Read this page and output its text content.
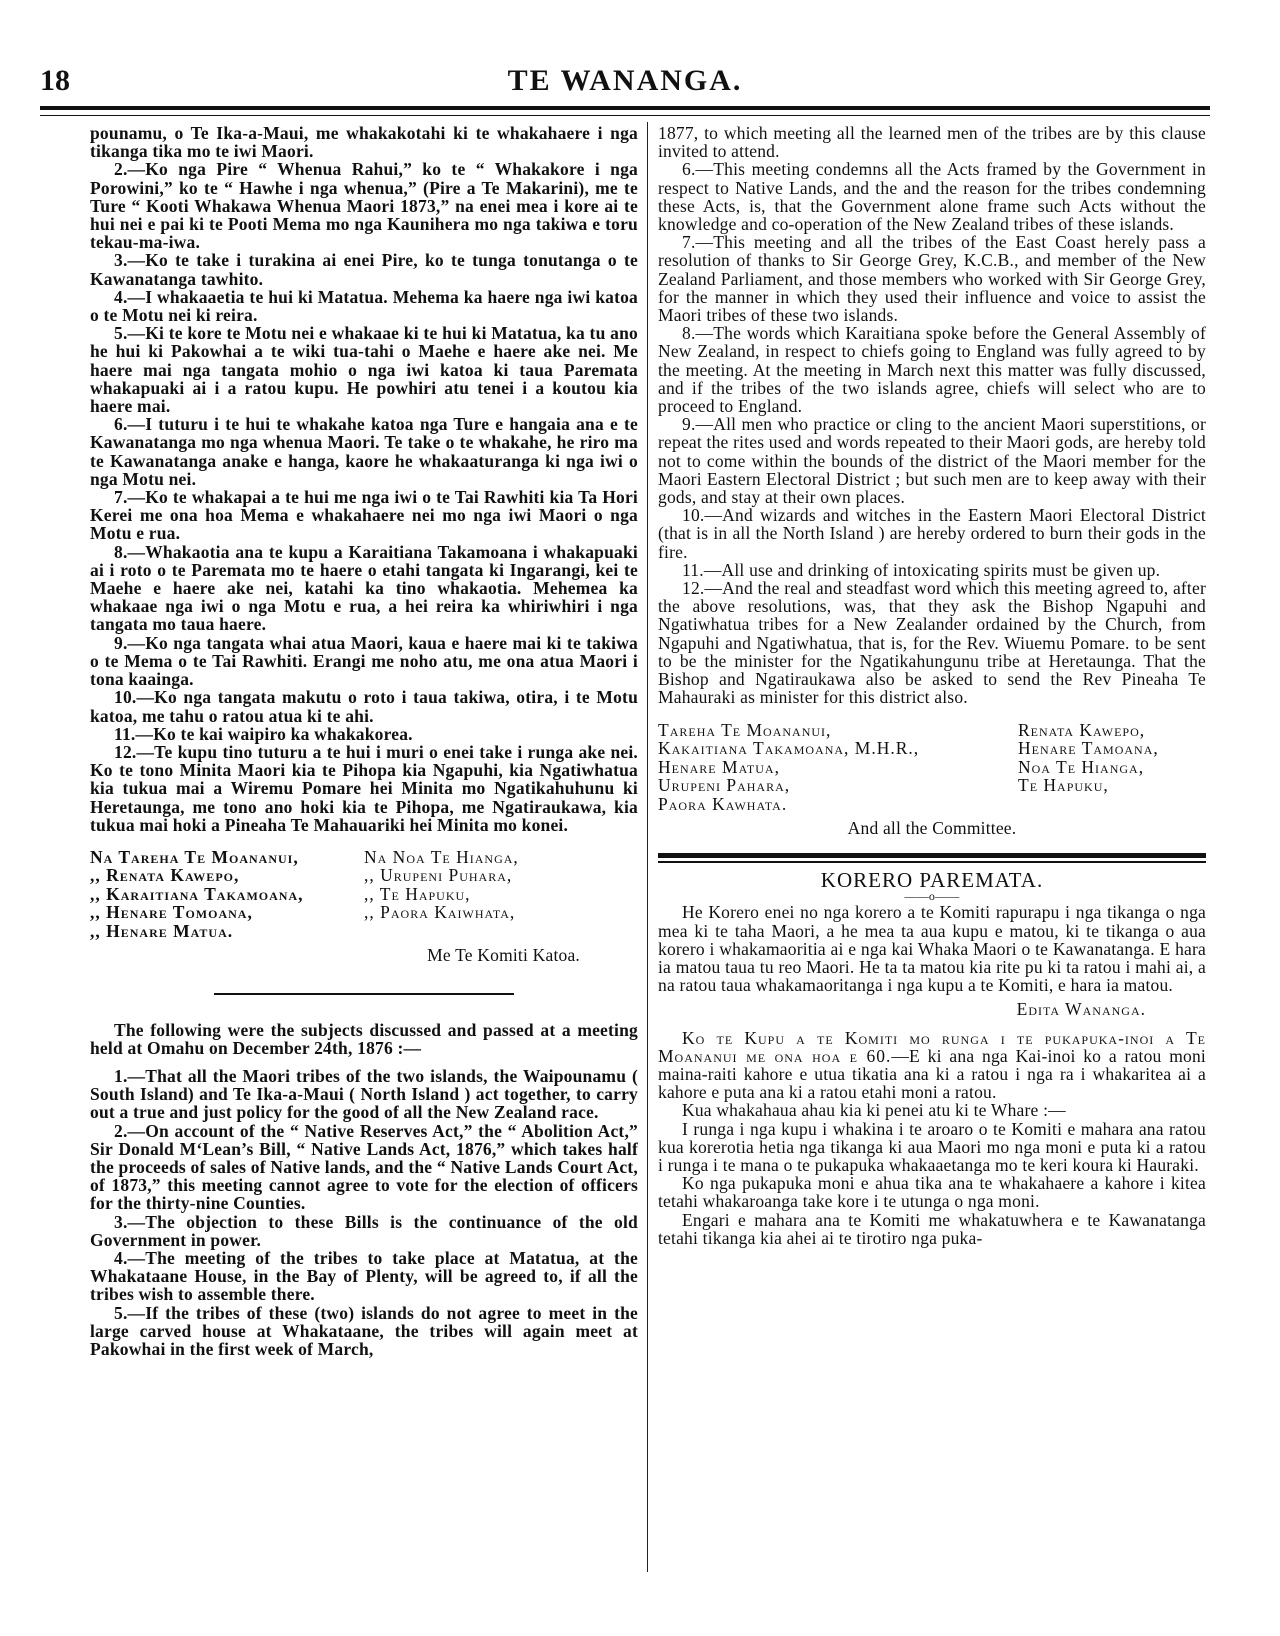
18	TE WANANGA.

pounamu, o Te Ika-a-Maui, me whakakotahi ki te whakahaere i nga tikanga tika mo te iwi Maori.

2.—Ko nga Pire “ Whenua Rahui,” ko te “ Whakakore i nga Porowini,” ko te “ Hawhe i nga whenua,” (Pire a Te Makarini), me te Ture “ Kooti Whakawa Whenua Maori 1873,” na enei mea i kore ai te hui nei e pai ki te Pooti Mema mo nga Kaunihera mo nga takiwa e toru tekau-ma-iwa.

3.—Ko te take i turakina ai enei Pire, ko te tunga tonutanga o te Kawanatanga tawhito.

4.—I whakaaetia te hui ki Matatua. Mehema ka haere nga iwi katoa o te Motu nei ki reira.

5.—Ki te kore te Motu nei e whakaae ki te hui ki Matatua, ka tu ano he hui ki Pakowhai a te wiki tua-tahi o Maehe e haere ake nei. Me haere mai nga tangata mohio o nga iwi katoa ki taua Paremata whakapuaki ai i a ratou kupu. He powhiri atu tenei i a koutou kia haere mai.

6.—I tuturu i te hui te whakahe katoa nga Ture e hangaia ana e te Kawanatanga mo nga whenua Maori. Te take o te whakahe, he riro ma te Kawanatanga anake e hanga, kaore he whakaaturanga ki nga iwi o nga Motu nei.

7.—Ko te whakapai a te hui me nga iwi o te Tai Rawhiti kia Ta Hori Kerei me ona hoa Mema e whakahaere nei mo nga iwi Maori o nga Motu e rua.

8.—Whakaotia ana te kupu a Karaitiana Takamoana i whakapuaki ai i roto o te Paremata mo te haere o etahi tangata ki Ingarangi, kei te Maehe e haere ake nei, katahi ka tino whakaotia. Mehemea ka whakaae nga iwi o nga Motu e rua, a hei reira ka whiriwhiri i nga tangata mo taua haere.

9.—Ko nga tangata whai atua Maori, kaua e haere mai ki te takiwa o te Mema o te Tai Rawhiti. Erangi me noho atu, me ona atua Maori i tona kaainga.

10.—Ko nga tangata makutu o roto i taua takiwa, otira, i te Motu katoa, me tahu o ratou atua ki te ahi.

11.—Ko te kai waipiro ka whakakorea.

12.—Te kupu tino tuturu a te hui i muri o enei take i runga ake nei. Ko te tono Minita Maori kia te Pihopa kia Ngapuhi, kia Ngatiwhatua kia tukua mai a Wiremu Pomare hei Minita mo Ngatikahuhunu ki Heretaunga, me tono ano hoki kia te Pihopa, me Ngatiraukawa, kia tukua mai hoki a Pineaha Te Mahauariki hei Minita mo konei.

Na Tareha Te Moananui,
,, Renata Kawepo,
,, Karaitiana Takamoana,
,, Henare Tomoana,
,, Henare Matua.
Na Noa Te Hianga,
,, Urupeni Puhara,
,, Te Hapuku,
,, Paora Kaiwhata,
Me Te Komiti Katoa.

The following were the subjects discussed and passed at a meeting held at Omahu on December 24th, 1876 :—

1.—That all the Maori tribes of the two islands, the Waipounamu ( South Island) and Te Ika-a-Maui ( North Island ) act together, to carry out a true and just policy for the good of all the New Zealand race.

2.—On account of the “ Native Reserves Act,” the “ Abolition Act,” Sir Donald M‘Lean’s Bill, “ Native Lands Act, 1876,” which takes half the proceeds of sales of Native lands, and the “ Native Lands Court Act, of 1873,” this meeting cannot agree to vote for the election of officers for the thirty-nine Counties.

3.—The objection to these Bills is the continuance of the old Government in power.

4.—The meeting of the tribes to take place at Matatua, at the Whakataane House, in the Bay of Plenty, will be agreed to, if all the tribes wish to assemble there.

5.—If the tribes of these (two) islands do not agree to meet in the large carved house at Whakataane, the tribes will again meet at Pakowhai in the first week of March,

1877, to which meeting all the learned men of the tribes are by this clause invited to attend.

6.—This meeting condemns all the Acts framed by the Government in respect to Native Lands, and the and the reason for the tribes condemning these Acts, is, that the Government alone frame such Acts without the knowledge and co-operation of the New Zealand tribes of these islands.

7.—This meeting and all the tribes of the East Coast herely pass a resolution of thanks to Sir George Grey, K.C.B., and member of the New Zealand Parliament, and those members who worked with Sir George Grey, for the manner in which they used their influence and voice to assist the Maori tribes of these two islands.

8.—The words which Karaitiana spoke before the General Assembly of New Zealand, in respect to chiefs going to England was fully agreed to by the meeting. At the meeting in March next this matter was fully discussed, and if the tribes of the two islands agree, chiefs will select who are to proceed to England.

9.—All men who practice or cling to the ancient Maori superstitions, or repeat the rites used and words repeated to their Maori gods, are hereby told not to come within the bounds of the district of the Maori member for the Maori Eastern Electoral District ; but such men are to keep away with their gods, and stay at their own places.

10.—And wizards and witches in the Eastern Maori Electoral District (that is in all the North Island ) are hereby ordered to burn their gods in the fire.

11.—All use and drinking of intoxicating spirits must be given up.

12.—And the real and steadfast word which this meeting agreed to, after the above resolutions, was, that they ask the Bishop Ngapuhi and Ngatiwhatua tribes for a New Zealander ordained by the Church, from Ngapuhi and Ngatiwhatua, that is, for the Rev. Wiuemu Pomare. to be sent to be the minister for the Ngatikahungunu tribe at Heretaunga. That the Bishop and Ngatiraukawa also be asked to send the Rev Pineaha Te Mahauraki as minister for this district also.

Tareha Te Moananui,
Kakaitiana Takamoana, M.H.R.,
Henare Matua,
Urupeni Pahara,
Paora Kawhata.
Renata Kawepo,
Henare Tamoana,
Noa Te Hianga,
Te Hapuku,
And all the Committee.
KORERO PAREMATA.
——o——

He Korero enei no nga korero a te Komiti rapurapu i nga tikanga o nga mea ki te taha Maori, a he mea ta aua kupu e matou, ki te tikanga o aua korero i whakamaoritia ai e nga kai Whaka Maori o te Kawanatanga. E hara ia matou taua tu reo Maori. He ta ta matou kia rite pu ki ta ratou i mahi ai, a na ratou taua whakamaoritanga i nga kupu a te Komiti, e hara ia matou.

Edita Wananga.

Ko te Kupu a te Komiti mo runga i te pukapuka-inoi a Te Moananui me ona hoa e 60.—E ki ana nga Kai-inoi ko a ratou moni maina-raiti kahore e utua tikatia ana ki a ratou i nga ra i whakaritea ai a kahore e puta ana ki a ratou etahi moni a ratou.

Kua whakahaua ahau kia ki penei atu ki te Whare :—

I runga i nga kupu i whakina i te aroaro o te Komiti e mahara ana ratou kua korerotia hetia nga tikanga ki aua Maori mo nga moni e puta ki a ratou i runga i te mana o te pukapuka whakaaetanga mo te keri koura ki Hauraki.

Ko nga pukapuka moni e ahua tika ana te whakahaere a kahore i kitea tetahi whakaroanga take kore i te utunga o nga moni.

Engari e mahara ana te Komiti me whakatuwhera e te Kawanatanga tetahi tikanga kia ahei ai te tirotiro nga puka-
